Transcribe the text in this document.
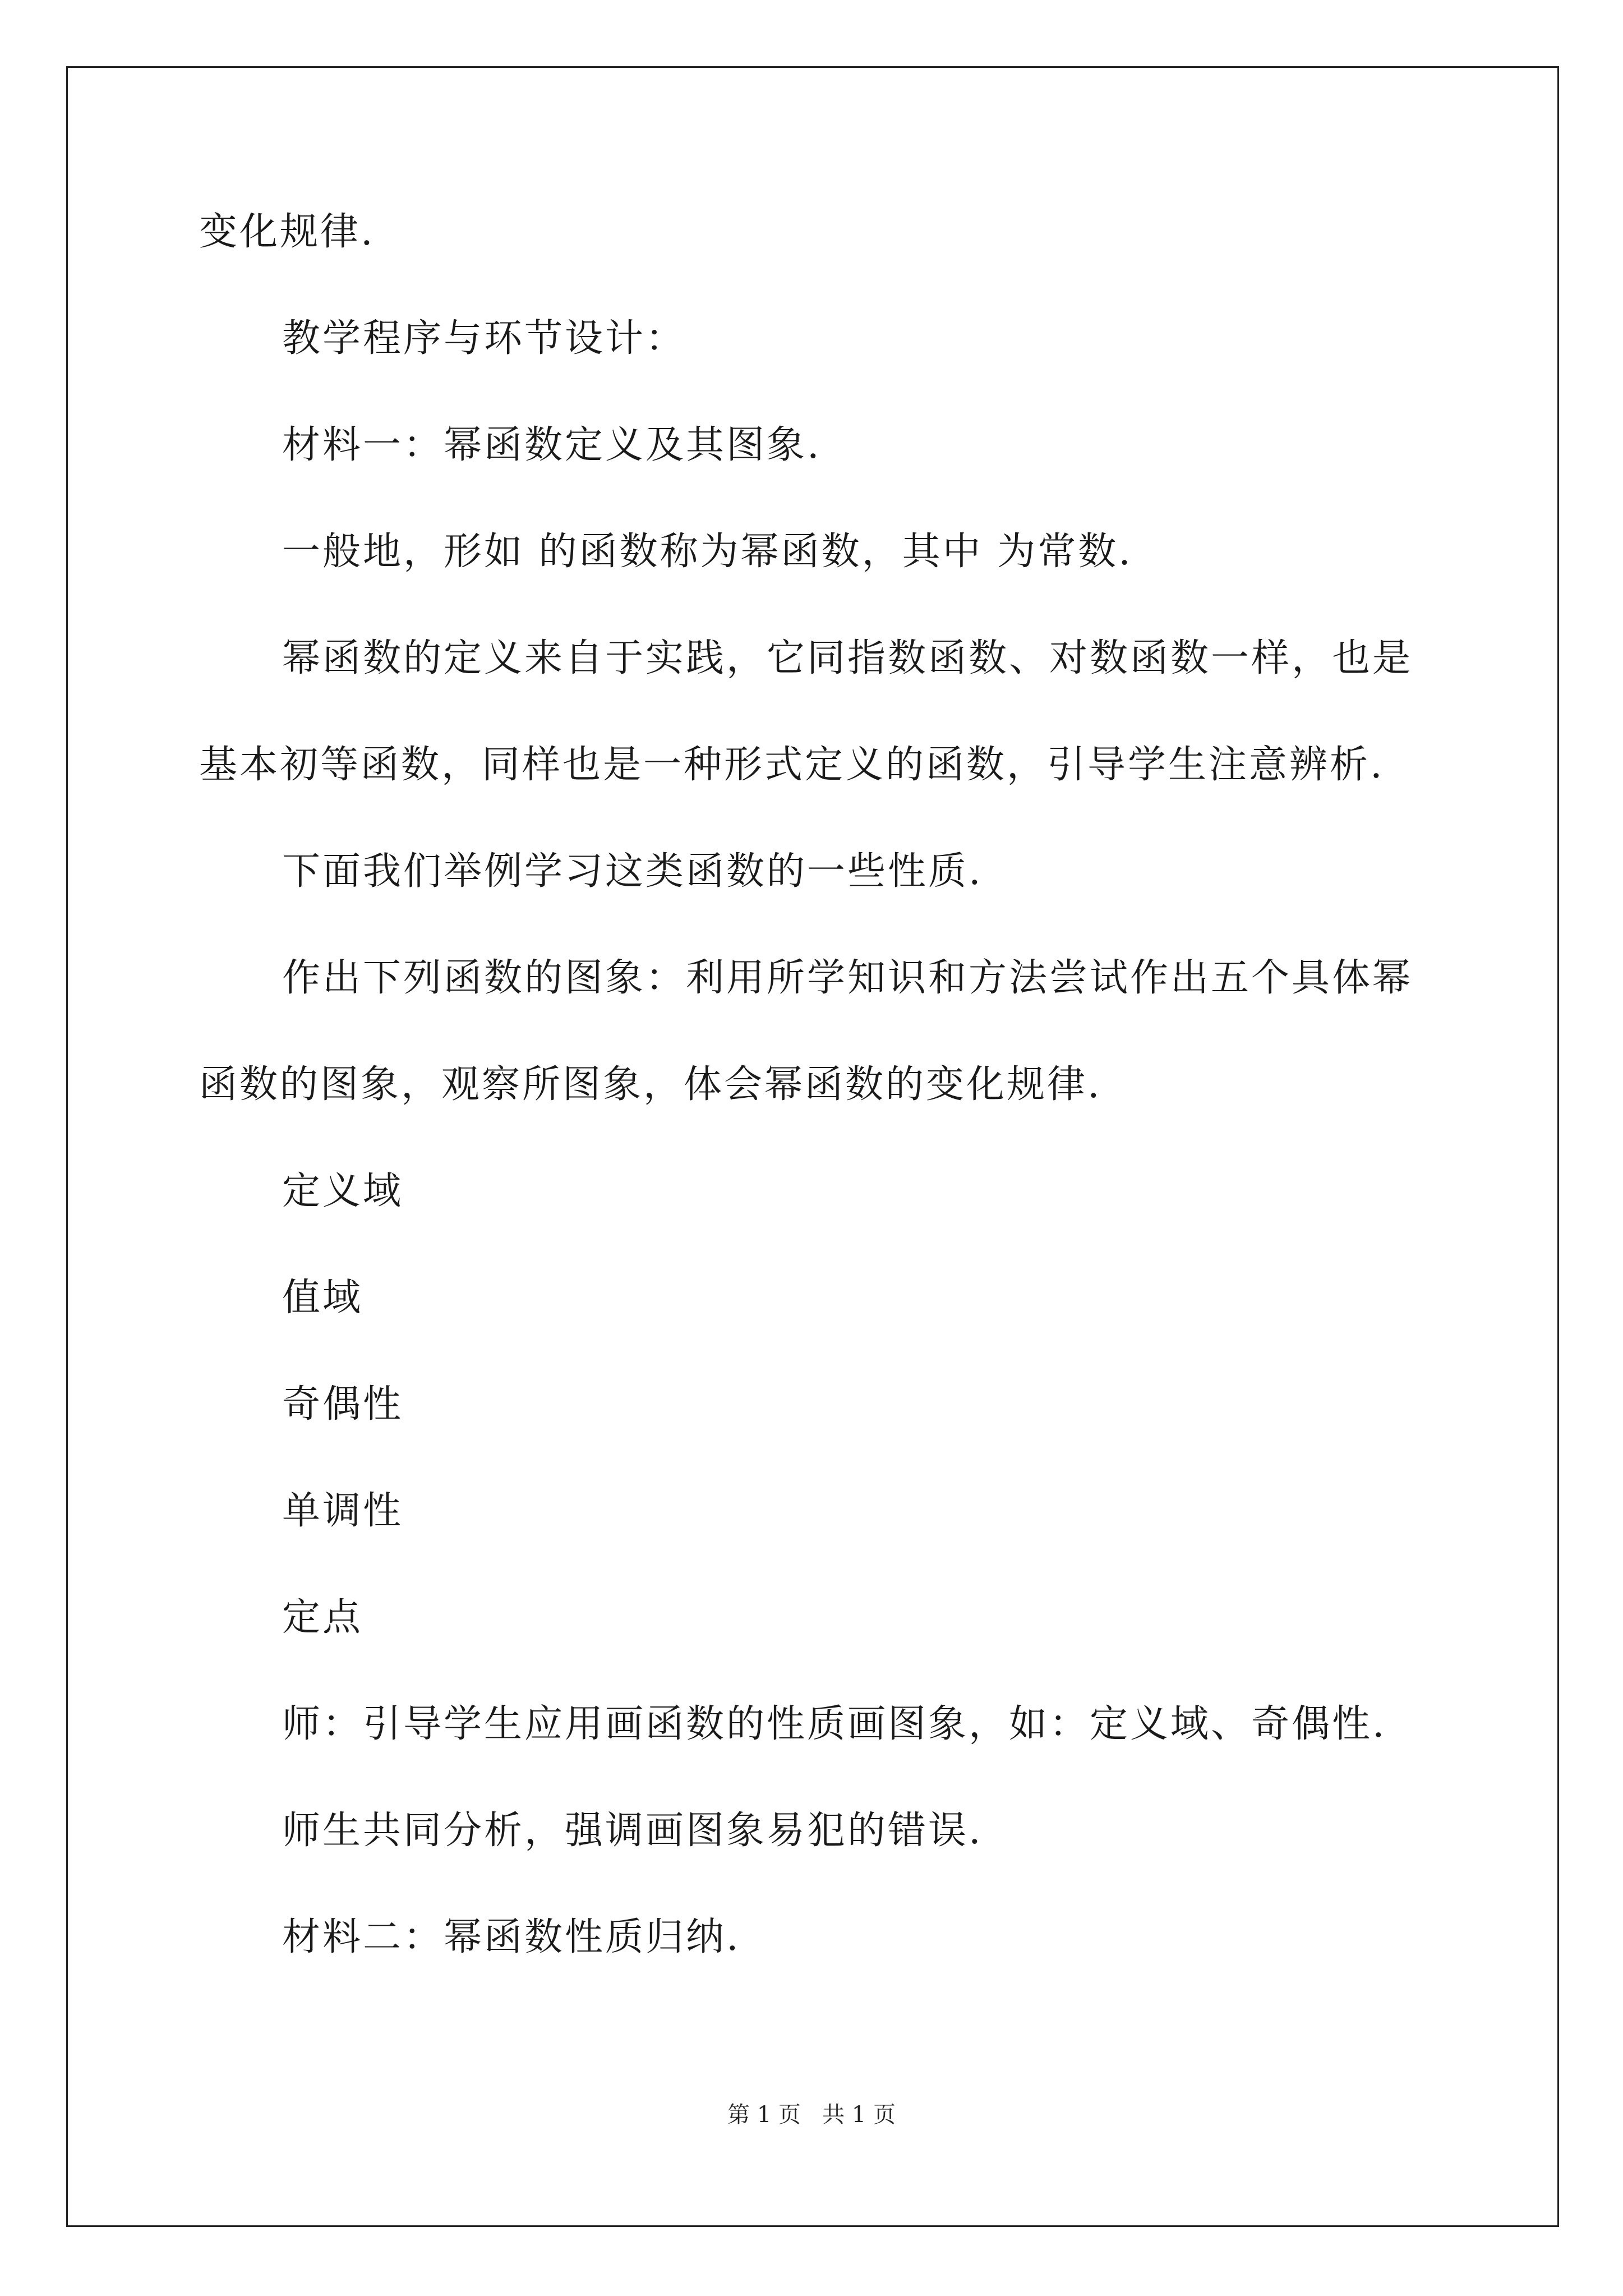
变化规律.

教学程序与环节设计：

材料一：幂函数定义及其图象.

一般地，形如 的函数称为幂函数，其中 为常数.

幂函数的定义来自于实践，它同指数函数、对数函数一样，也是

基本初等函数，同样也是一种形式定义的函数，引导学生注意辨析.

下面我们举例学习这类函数的一些性质.

作出下列函数的图象：利用所学知识和方法尝试作出五个具体幂

函数的图象，观察所图象，体会幂函数的变化规律.

定义域

值域

奇偶性

单调性

定点

师：引导学生应用画函数的性质画图象，如：定义域、奇偶性.

师生共同分析，强调画图象易犯的错误.

材料二：幂函数性质归纳.

第 1 页   共 1 页
